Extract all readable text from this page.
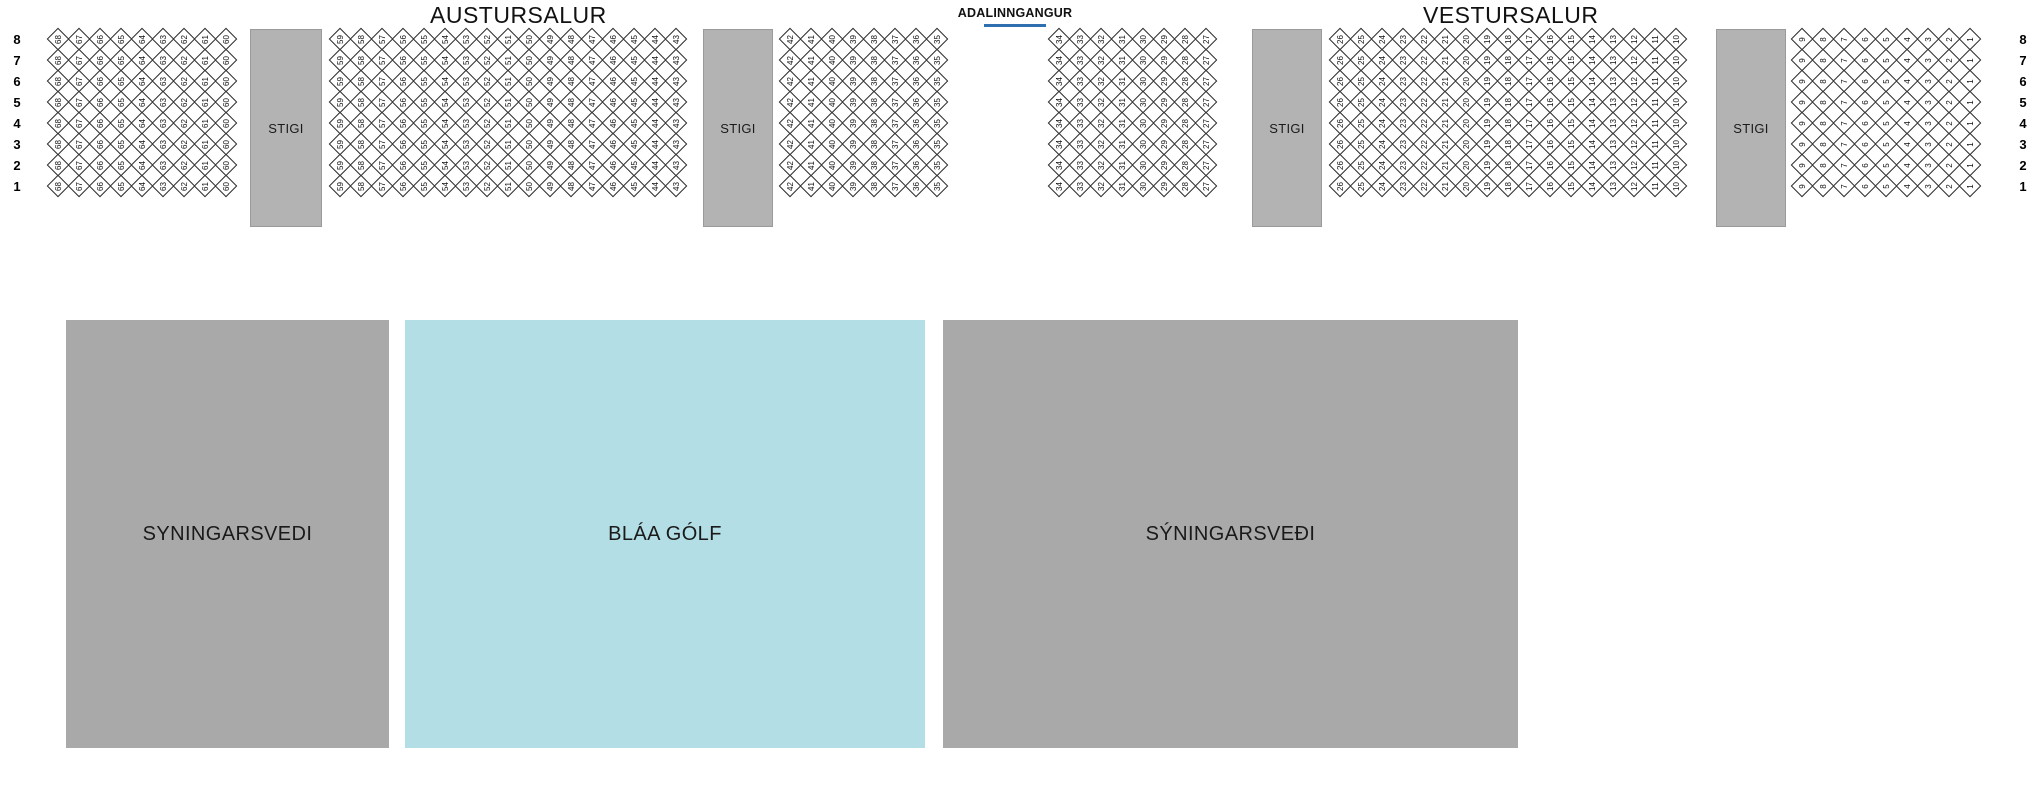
AUSTURSALUR	VESTURSALUR
ADALINNGANGUR
8
7
6
5
4
3
2
1
8
7
6
5
4
3
2
1
68	67	66	65	64	63	62	61	60
68	67	66	65	64	63	62	61	60
68	67	66	65	64	63	62	61	60
68	67	66	65	64	63	62	61	60
68	67	66	65	64	63	62	61	60
68	67	66	65	64	63	62	61	60
68	67	66	65	64	63	62	61	60
68	67	66	65	64	63	62	61	60
59	58	57	56	55	54	53	52	51	50	49	48	47	46	45	44	43
59	58	57	56	55	54	53	52	51	50	49	48	47	46	45	44	43
59	58	57	56	55	54	53	52	51	50	49	48	47	46	45	44	43
59	58	57	56	55	54	53	52	51	50	49	48	47	46	45	44	43
59	58	57	56	55	54	53	52	51	50	49	48	47	46	45	44	43
59	58	57	56	55	54	53	52	51	50	49	48	47	46	45	44	43
59	58	57	56	55	54	53	52	51	50	49	48	47	46	45	44	43
59	58	57	56	55	54	53	52	51	50	49	48	47	46	45	44	43
42	41	40	39	38	37	36	35
42	41	40	39	38	37	36	35
42	41	40	39	38	37	36	35
42	41	40	39	38	37	36	35
42	41	40	39	38	37	36	35
42	41	40	39	38	37	36	35
42	41	40	39	38	37	36	35
42	41	40	39	38	37	36	35
34	33	32	31	30	29	28	27
34	33	32	31	30	29	28	27
34	33	32	31	30	29	28	27
34	33	32	31	30	29	28	27
34	33	32	31	30	29	28	27
34	33	32	31	30	29	28	27
34	33	32	31	30	29	28	27
34	33	32	31	30	29	28	27
26	25	24	23	22	21	20	19	18	17	16	15	14	13	12	11	10
26	25	24	23	22	21	20	19	18	17	16	15	14	13	12	11	10
26	25	24	23	22	21	20	19	18	17	16	15	14	13	12	11	10
26	25	24	23	22	21	20	19	18	17	16	15	14	13	12	11	10
26	25	24	23	22	21	20	19	18	17	16	15	14	13	12	11	10
26	25	24	23	22	21	20	19	18	17	16	15	14	13	12	11	10
26	25	24	23	22	21	20	19	18	17	16	15	14	13	12	11	10
26	25	24	23	22	21	20	19	18	17	16	15	14	13	12	11	10
9	8	7	6	5	4	3	2	1
9	8	7	6	5	4	3	2	1
9	8	7	6	5	4	3	2	1
9	8	7	6	5	4	3	2	1
9	8	7	6	5	4	3	2	1
9	8	7	6	5	4	3	2	1
9	8	7	6	5	4	3	2	1
9	8	7	6	5	4	3	2	1
SYNINGARSVEDI	BLÁA GÓLF	SÝNINGARSVEÐI
STIGI	STIGI	STIGI	STIGI
